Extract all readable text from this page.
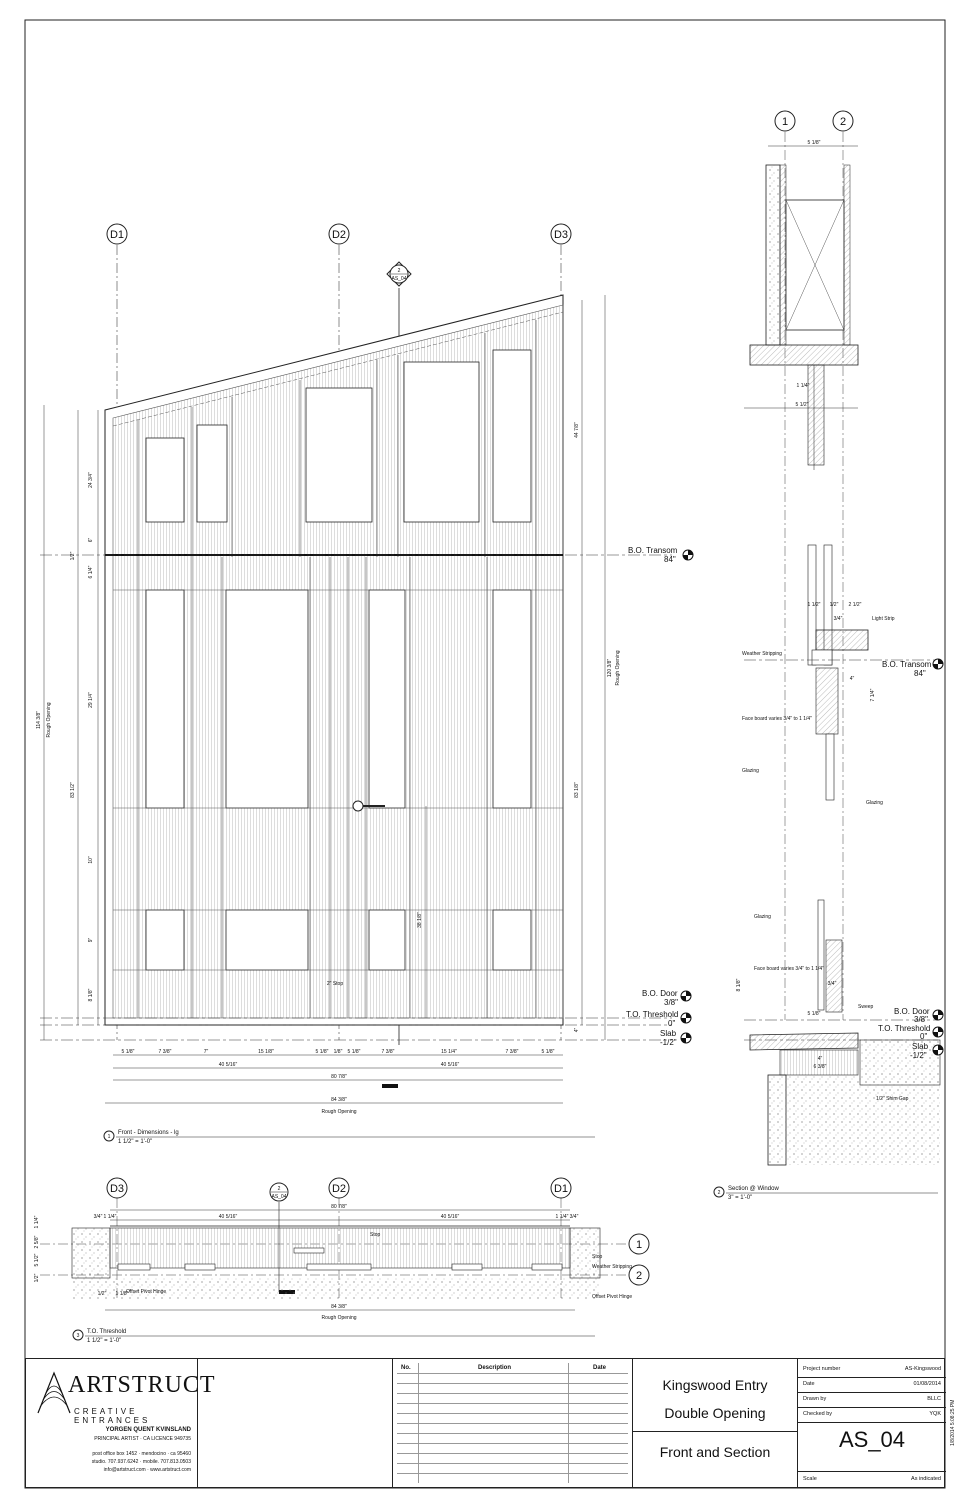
D1	D2	D3
2
AS_04
38 1/8"
2" Stop
B.O. Transom
84"
B.O. Door
3/8"
T.O. Threshold
0"
Slab
-1/2"
24 3/4"
6"
1/2"
6 1/4"
29 1/4"
83 1/2"
10"
9"
8 1/8"
114 3/8" Rough Opening
44 7/8"
120 3/8" Rough Opening
83 1/8"
4"
5 1/8"	7 3/8"	7"	15 1/8"	5 1/8" 1/8" 5 1/8"	7 3/8"	15 1/4"	7 3/8"	5 1/8"
40 5/16"	40 5/16"
80 7/8"
84 3/8"
Rough Opening
1
Front - Dimensions - lg
1 1/2" = 1'-0"
1	2
5 1/8"
1 1/4"
5 1/2"
Light Strip
Weather Stripping
Face board varies 3/4" to 1 1/4"
Glazing
Glazing
1/2"
1 1/2"	2 1/2"
3/4"
7 1/4"
4"
B.O. Transom
84"
Glazing
Face board varies 3/4" to 1 1/4"
Sweep
1/2" Shim Gap
8 1/8"
4"
3/4"
5 1/8"
6 3/8"
B.O. Door
3/8"
T.O. Threshold
0"
Slab
-1/2"
2
Section @ Window
3" = 1'-0"
D3	D2	D1
2
AS_04
1
2
3/4" 1 1/4"	40 5/16"	40 5/16"	1 1/4" 3/4"
80 7/8"
84 3/8"
Rough Opening
1 1/4"
2 5/8"
5 1/2"
1/2"
Stop
Stop
Weather Stripping
Offset Pivot Hinge
Offset Pivot Hinge
1/2" 1 1/8"
3
T.O. Threshold
1 1/2" = 1'-0"
ARTSTRUCT
CREATIVE ENTRANCES
YORGEN QUENT KVINSLAND
PRINCIPAL ARTIST · CA LICENCE 949735
post office box 1452 · mendocino · ca 95460
studio. 707.937.6242 · mobile. 707.813.0503
info@artstruct.com · www.artstruct.com
No.	Description	Date
Kingswood Entry
Double Opening
Front and Section
Project number	AS-Kingswood
Date	01/08/2014
Drawn by	BLLC
Checked by	YQK
AS_04
Scale	As indicated
1/8/2014 5:08:25 PM
